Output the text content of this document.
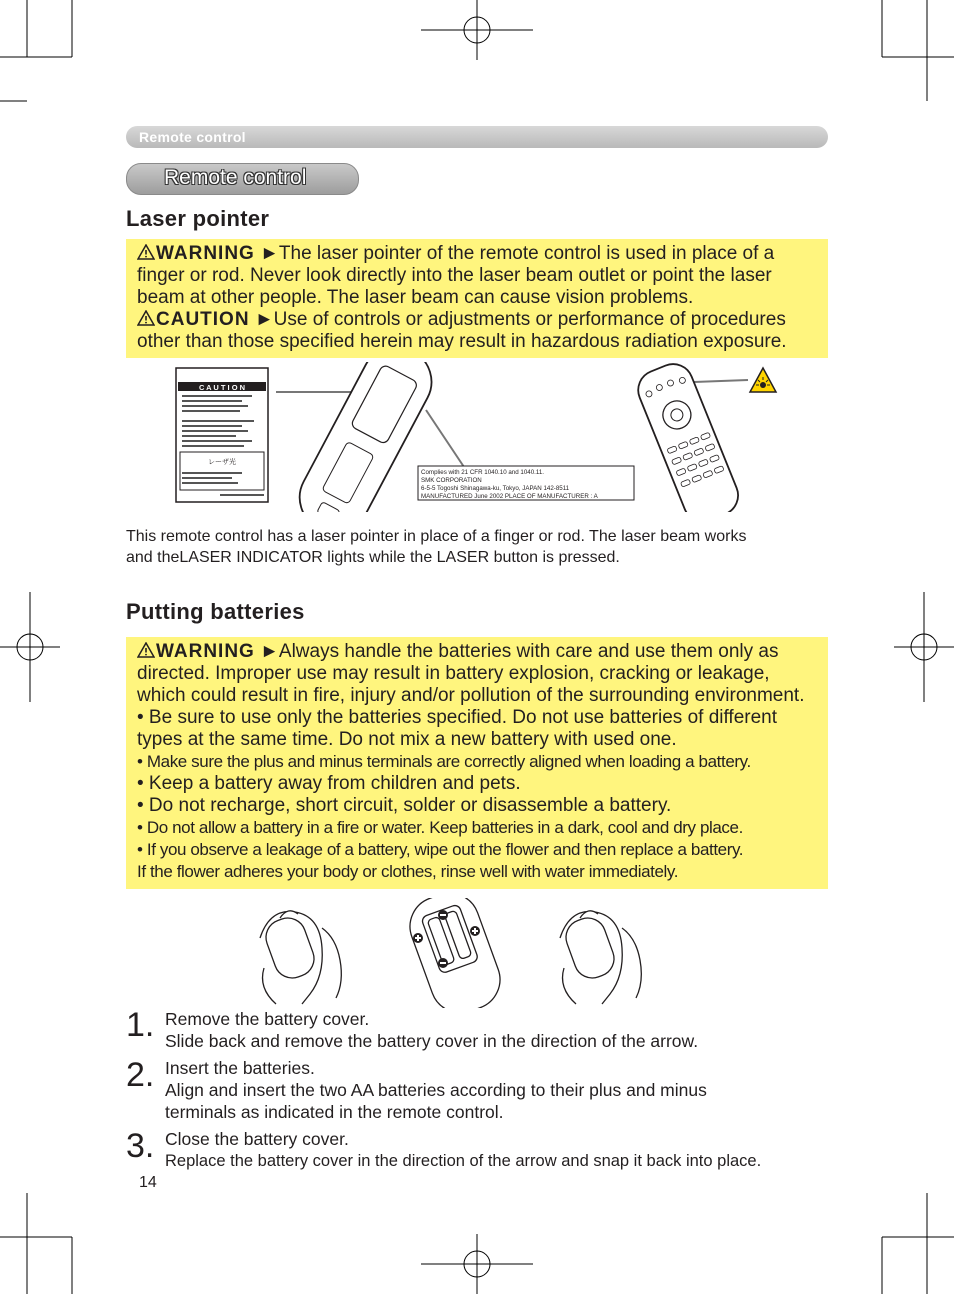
Remote control
Remote control
Laser pointer
WARNING ►The laser pointer of the remote control is used in place of a
finger or rod. Never look directly into the laser beam outlet or point the laser
beam at other people. The laser beam can cause vision problems.
CAUTION ►Use of controls or adjustments or performance of procedures
other than those specified herein may result in hazardous radiation exposure.
C A U T I O N
レーザ光
Complies with 21 CFR 1040.10 and 1040.11.
SMK CORPORATION
6-5-5 Togoshi Shinagawa-ku, Tokyo, JAPAN 142-8511
MANUFACTURED June 2002 PLACE OF MANUFACTURER : A
This remote control has a laser pointer in place of a finger or rod. The laser beam works
and theLASER INDICATOR lights while the LASER button is pressed.
Putting batteries
WARNING ►Always handle the batteries with care and use them only as
directed. Improper use may result in battery explosion, cracking or leakage,
which could result in fire, injury and/or pollution of the surrounding environment.
• Be sure to use only the batteries specified. Do not use batteries of different
types at the same time. Do not mix a new battery with used one.
• Make sure the plus and minus terminals are correctly aligned when loading a battery.
• Keep a battery away from children and pets.
• Do not recharge, short circuit, solder or disassemble a battery.
• Do not allow a battery in a fire or water. Keep batteries in a dark, cool and dry place.
• If you observe a leakage of a battery, wipe out the flower and then replace a battery.
If the flower adheres your body or clothes, rinse well with water immediately.
1. Remove the battery cover.
Slide back and remove the battery cover in the direction of the arrow.
2. Insert the batteries.
Align and insert the two AA batteries according to their plus and minus
terminals as indicated in the remote control.
3. Close the battery cover.
Replace the battery cover in the direction of the arrow and snap it back into place.
14
